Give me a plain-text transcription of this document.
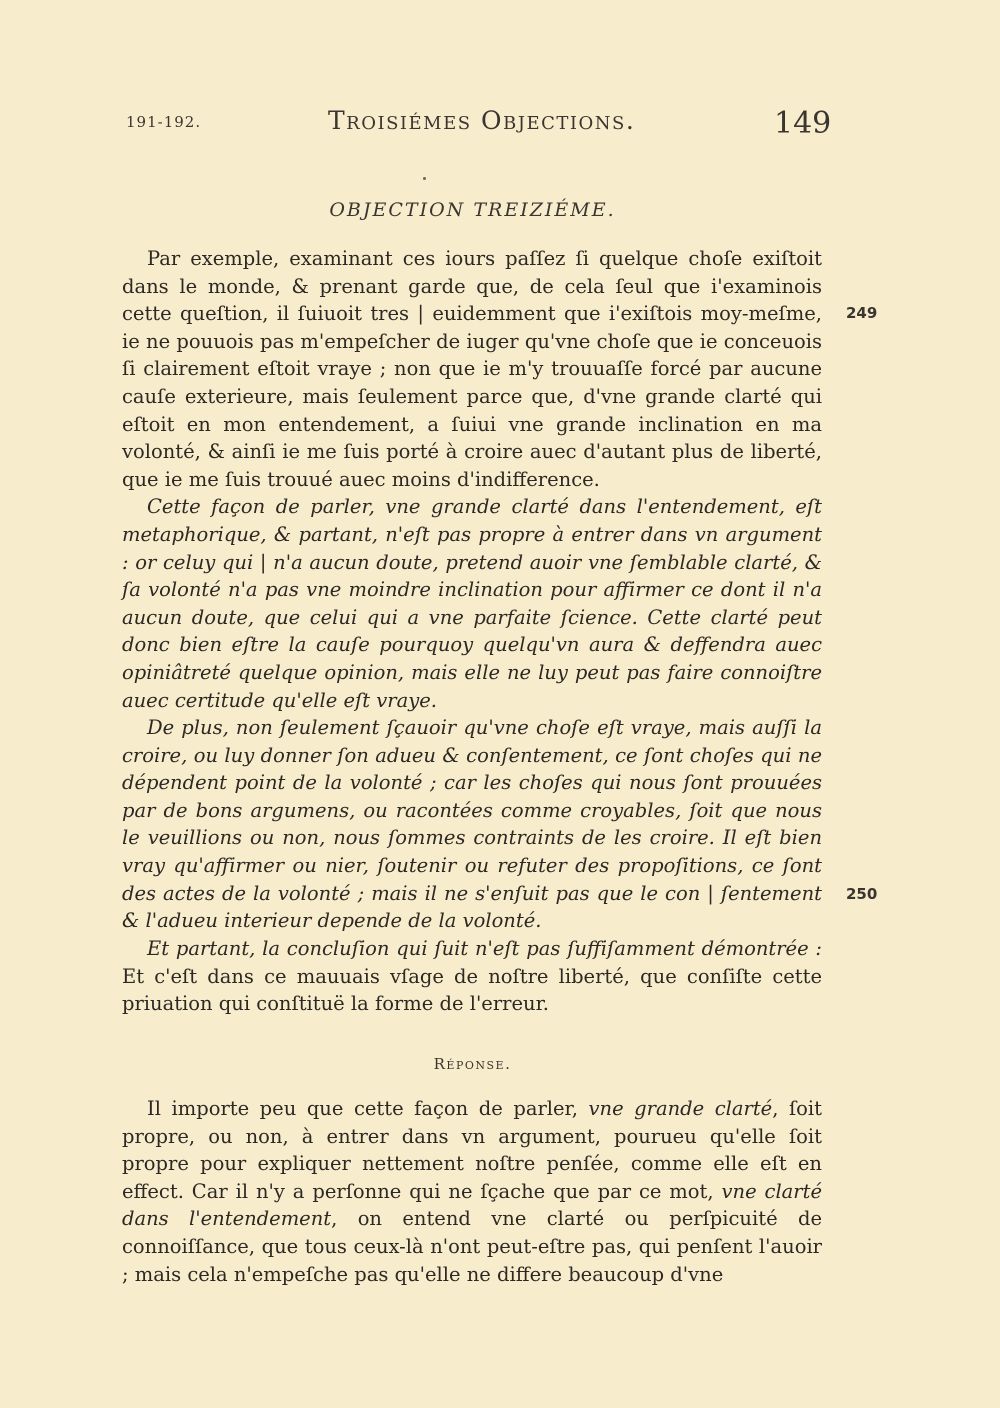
191-192.	Troisiémes Objections.	149
OBJECTION TREIZIÉME.

Par exemple, examinant ces iours paſſez ſi quelque choſe exiſtoit dans le monde, & prenant garde que, de cela ſeul que i'examinois cette queſtion, il ſuiuoit tres | euidemment que i'exiſtois moy-meſme, ie ne pouuois pas m'empeſcher de iuger qu'vne choſe que ie conceuois ſi clairement eſtoit vraye ; non que ie m'y trouuaſſe forcé par aucune cauſe exterieure, mais ſeulement parce que, d'vne grande clarté qui eſtoit en mon entendement, a ſuiui vne grande inclination en ma volonté, & ainſi ie me ſuis porté à croire auec d'autant plus de liberté, que ie me ſuis trouué auec moins d'indifference.

Cette façon de parler, vne grande clarté dans l'entendement, eſt metaphorique, & partant, n'eſt pas propre à entrer dans vn argument : or celuy qui | n'a aucun doute, pretend auoir vne ſemblable clarté, & ſa volonté n'a pas vne moindre inclination pour affirmer ce dont il n'a aucun doute, que celui qui a vne parfaite ſcience. Cette clarté peut donc bien eſtre la cauſe pourquoy quelqu'vn aura & deffendra auec opiniâtreté quelque opinion, mais elle ne luy peut pas faire connoiſtre auec certitude qu'elle eſt vraye.

De plus, non ſeulement ſçauoir qu'vne choſe eſt vraye, mais auſſi la croire, ou luy donner ſon adueu & conſentement, ce ſont choſes qui ne dépendent point de la volonté ; car les choſes qui nous ſont prouuées par de bons argumens, ou racontées comme croyables, ſoit que nous le veuillions ou non, nous ſommes contraints de les croire. Il eſt bien vray qu'affirmer ou nier, ſoutenir ou refuter des propoſitions, ce ſont des actes de la volonté ; mais il ne s'enſuit pas que le con | ſentement & l'adueu interieur depende de la volonté.

Et partant, la concluſion qui ſuit n'eſt pas ſuffiſamment démontrée : Et c'eſt dans ce mauuais vſage de noſtre liberté, que conſiſte cette priuation qui conſtituë la forme de l'erreur.

Réponse.

Il importe peu que cette façon de parler, vne grande clarté, ſoit propre, ou non, à entrer dans vn argument, pourueu qu'elle ſoit propre pour expliquer nettement noſtre penſée, comme elle eſt en effect. Car il n'y a perſonne qui ne ſçache que par ce mot, vne clarté dans l'entendement, on entend vne clarté ou perſpicuité de connoiſſance, que tous ceux-là n'ont peut-eſtre pas, qui penſent l'auoir ; mais cela n'empeſche pas qu'elle ne differe beaucoup d'vne

249
250
